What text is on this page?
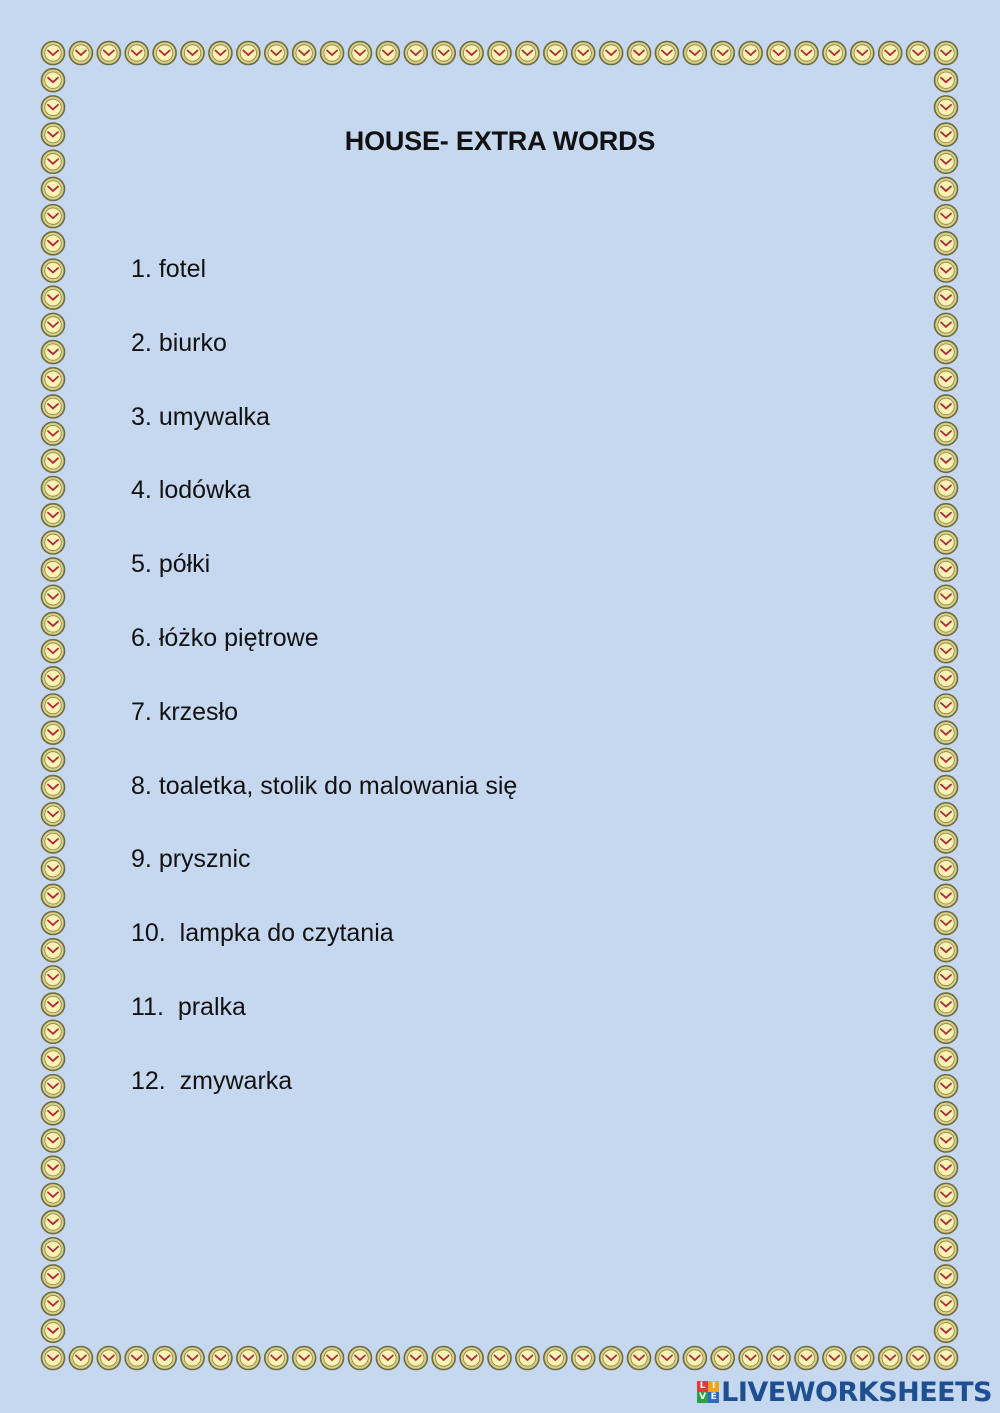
HOUSE- EXTRA WORDS
1. fotel
2. biurko
3. umywalka
4. lodówka
5. półki
6. łóżko piętrowe
7. krzesło
8. toaletka, stolik do malowania się
9. prysznic
10. lampka do czytania
11. pralka
12. zmywarka
L I
V E LIVEWORKSHEETS
